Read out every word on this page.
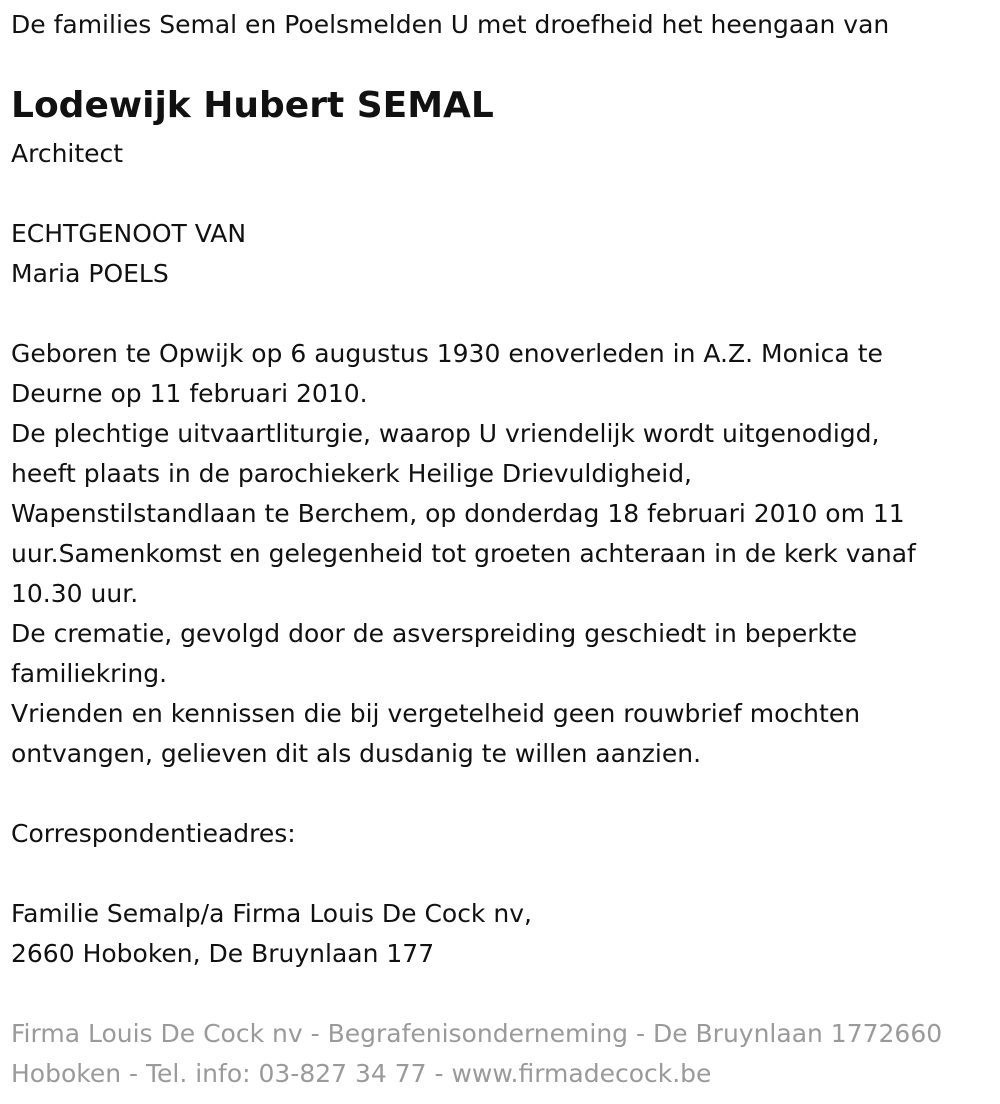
De families Semal en Poelsmelden U met droefheid het heengaan van

Lodewijk Hubert SEMAL

Architect

ECHTGENOOT VAN

Maria POELS

Geboren te Opwijk op 6 augustus 1930 enoverleden in A.Z. Monica te

Deurne op 11 februari 2010.

De plechtige uitvaartliturgie, waarop U vriendelijk wordt uitgenodigd,

heeft plaats in de parochiekerk Heilige Drievuldigheid,

Wapenstilstandlaan te Berchem, op donderdag 18 februari 2010 om 11

uur.Samenkomst en gelegenheid tot groeten achteraan in de kerk vanaf

10.30 uur.

De crematie, gevolgd door de asverspreiding geschiedt in beperkte

familiekring.

Vrienden en kennissen die bij vergetelheid geen rouwbrief mochten

ontvangen, gelieven dit als dusdanig te willen aanzien.

Correspondentieadres:

Familie Semalp/a Firma Louis De Cock nv,

2660 Hoboken, De Bruynlaan 177

Firma Louis De Cock nv - Begrafenisonderneming - De Bruynlaan 1772660

Hoboken - Tel. info: 03-827 34 77 - www.firmadecock.be
